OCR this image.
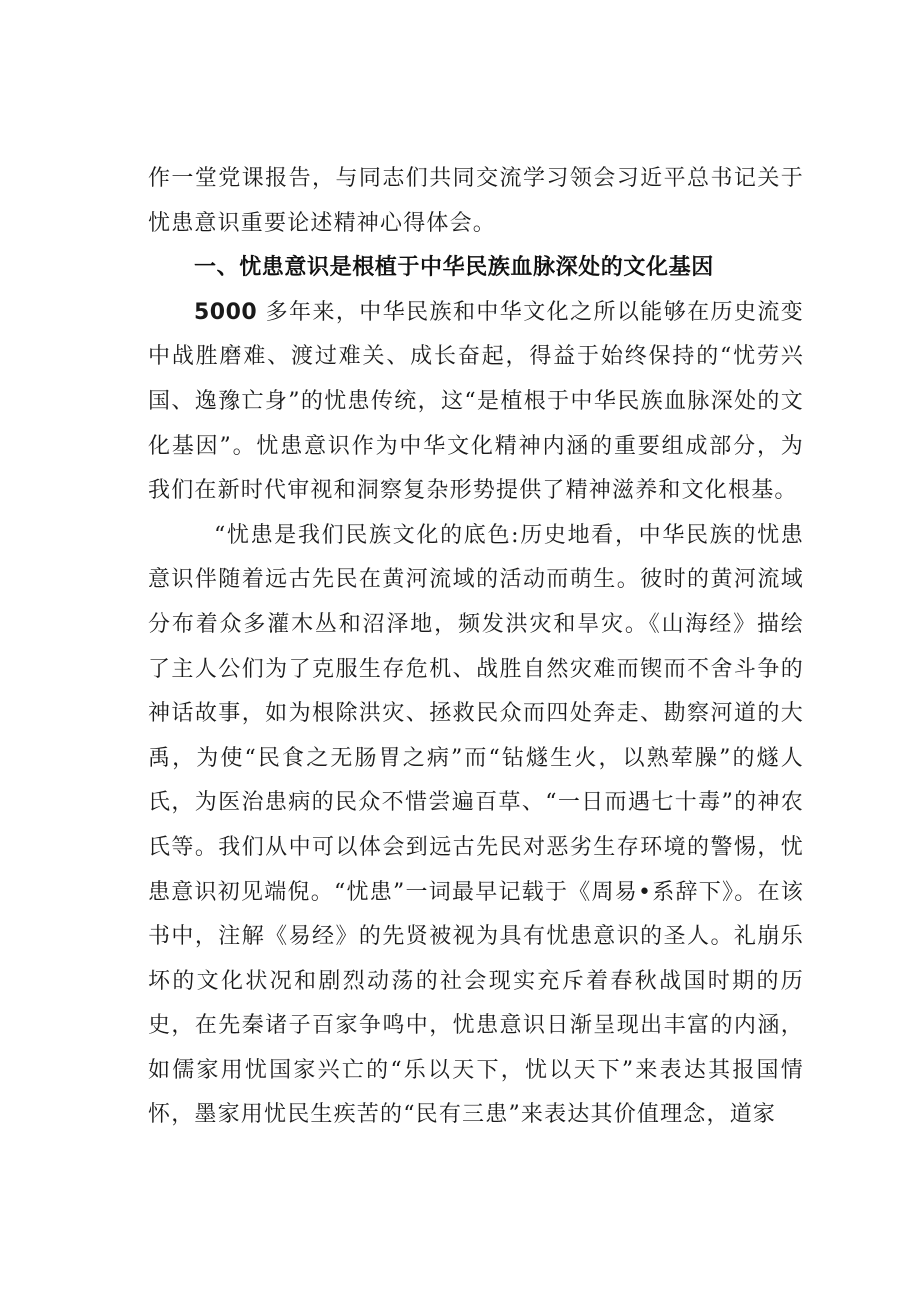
作一堂党课报告，与同志们共同交流学习领会习近平总书记关于忧患意识重要论述精神心得体会。

一、忧患意识是根植于中华民族血脉深处的文化基因

5000 多年来，中华民族和中华文化之所以能够在历史流变中战胜磨难、渡过难关、成长奋起，得益于始终保持的“忧劳兴国、逸豫亡身”的忧患传统，这“是植根于中华民族血脉深处的文化基因”。忧患意识作为中华文化精神内涵的重要组成部分，为我们在新时代审视和洞察复杂形势提供了精神滋养和文化根基。

“忧患是我们民族文化的底色:历史地看，中华民族的忧患意识伴随着远古先民在黄河流域的活动而萌生。彼时的黄河流域分布着众多灌木丛和沼泽地，频发洪灾和旱灾。《山海经》描绘了主人公们为了克服生存危机、战胜自然灾难而锲而不舍斗争的神话故事，如为根除洪灾、拯救民众而四处奔走、勘察河道的大禹，为使“民食之无肠胃之病”而“钻燧生火，以熟荤臊”的燧人氏，为医治患病的民众不惜尝遍百草、“一日而遇七十毒”的神农氏等。我们从中可以体会到远古先民对恶劣生存环境的警惕，忧患意识初见端倪。“忧患”一词最早记载于《周易•系辞下》。在该书中，注解《易经》的先贤被视为具有忧患意识的圣人。礼崩乐坏的文化状况和剧烈动荡的社会现实充斥着春秋战国时期的历史，在先秦诸子百家争鸣中，忧患意识日渐呈现出丰富的内涵，如儒家用忧国家兴亡的“乐以天下，忧以天下”来表达其报国情怀，墨家用忧民生疾苦的“民有三患”来表达其价值理念，道家
